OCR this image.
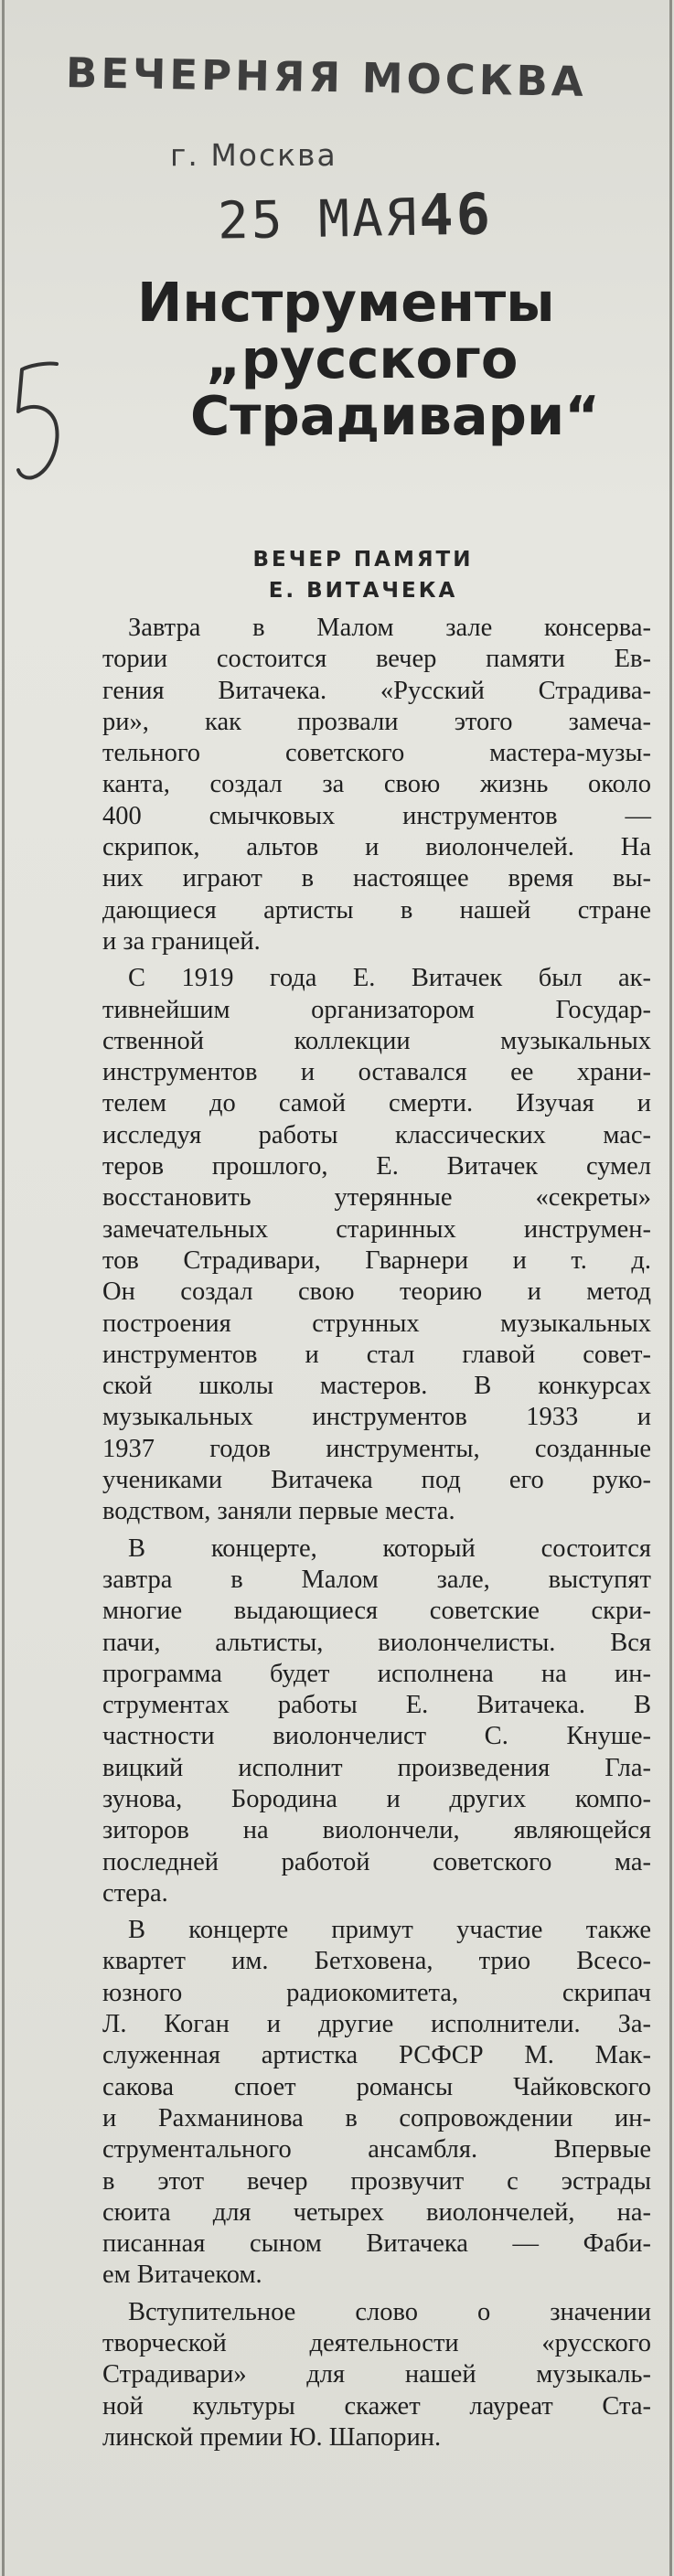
ВЕЧЕРНЯЯ МОСКВА
г. Москва
25 МАЯ46
Инструменты
„русского
Страдивари“
ВЕЧЕР ПАМЯТИ
Е. ВИТАЧЕКА

Завтра в Малом зале консерва-
тории состоится вечер памяти Ев-
гения Витачека. «Русский Страдива-
ри», как прозвали этого замеча-
тельного советского мастера-музы-
канта, создал за свою жизнь около
400 смычковых инструментов —
скрипок, альтов и виолончелей. На
них играют в настоящее время вы-
дающиеся артисты в нашей стране
и за границей.

С 1919 года Е. Витачек был ак-
тивнейшим организатором Государ-
ственной коллекции музыкальных
инструментов и оставался ее храни-
телем до самой смерти. Изучая и
исследуя работы классических мас-
теров прошлого, Е. Витачек сумел
восстановить утерянные «секреты»
замечательных старинных инструмен-
тов Страдивари, Гварнери и т. д.
Он создал свою теорию и метод
построения струнных музыкальных
инструментов и стал главой совет-
ской школы мастеров. В конкурсах
музыкальных инструментов 1933 и
1937 годов инструменты, созданные
учениками Витачека под его руко-
водством, заняли первые места.

В концерте, который состоится
завтра в Малом зале, выступят
многие выдающиеся советские скри-
пачи, альтисты, виолончелисты. Вся
программа будет исполнена на ин-
струментах работы Е. Витачека. В
частности виолончелист С. Кнуше-
вицкий исполнит произведения Гла-
зунова, Бородина и других компо-
зиторов на виолончели, являющейся
последней работой советского ма-
стера.

В концерте примут участие также
квартет им. Бетховена, трио Всесо-
юзного радиокомитета, скрипач
Л. Коган и другие исполнители. За-
служенная артистка РСФСР М. Мак-
сакова споет романсы Чайковского
и Рахманинова в сопровождении ин-
струментального ансамбля. Впервые
в этот вечер прозвучит с эстрады
сюита для четырех виолончелей, на-
писанная сыном Витачека — Фаби-
ем Витачеком.

Вступительное слово о значении
творческой деятельности «русского
Страдивари» для нашей музыкаль-
ной культуры скажет лауреат Ста-
линской премии Ю. Шапорин.
